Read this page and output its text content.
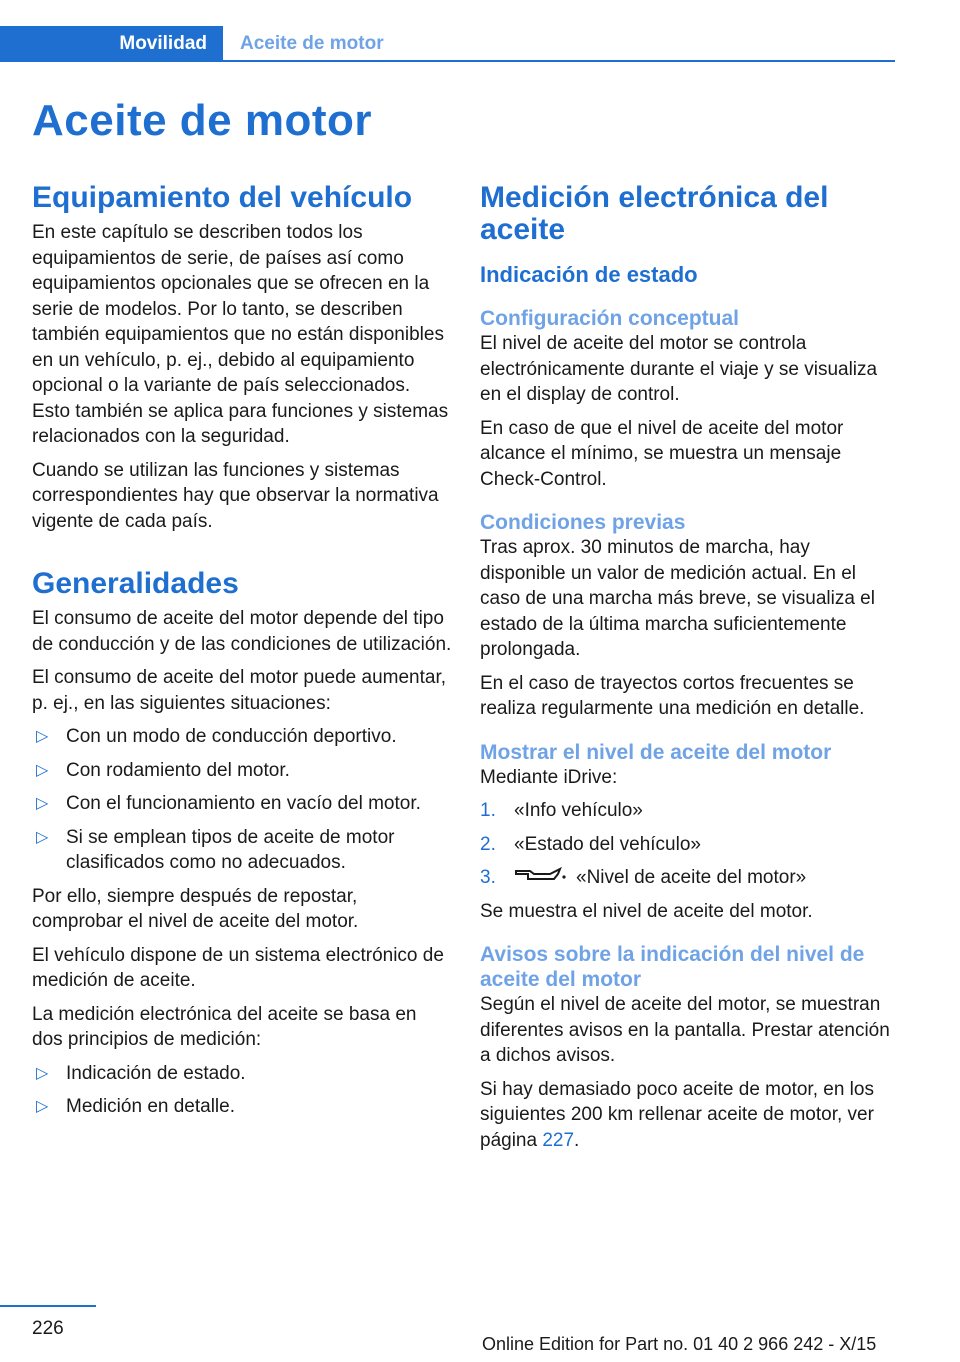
Movilidad	Aceite de motor
Aceite de motor
Equipamiento del vehículo

En este capítulo se describen todos los equipamientos de serie, de países así como equipamientos opcionales que se ofrecen en la serie de modelos. Por lo tanto, se describen también equipamientos que no están disponibles en un vehículo, p. ej., debido al equipamiento opcional o la variante de país seleccionados. Esto también se aplica para funciones y sistemas relacionados con la seguridad.

Cuando se utilizan las funciones y sistemas correspondientes hay que observar la normativa vigente de cada país.

Generalidades

El consumo de aceite del motor depende del tipo de conducción y de las condiciones de utilización.

El consumo de aceite del motor puede aumentar, p. ej., en las siguientes situaciones:

▷ Con un modo de conducción deportivo.
▷ Con rodamiento del motor.
▷ Con el funcionamiento en vacío del motor.
▷ Si se emplean tipos de aceite de motor clasificados como no adecuados.

Por ello, siempre después de repostar, comprobar el nivel de aceite del motor.

El vehículo dispone de un sistema electrónico de medición de aceite.

La medición electrónica del aceite se basa en dos principios de medición:

▷ Indicación de estado.
▷ Medición en detalle.
Medición electrónica del aceite
Indicación de estado
Configuración conceptual

El nivel de aceite del motor se controla electrónicamente durante el viaje y se visualiza en el display de control.

En caso de que el nivel de aceite del motor alcance el mínimo, se muestra un mensaje Check-Control.

Condiciones previas

Tras aprox. 30 minutos de marcha, hay disponible un valor de medición actual. En el caso de una marcha más breve, se visualiza el estado de la última marcha suficientemente prolongada.

En el caso de trayectos cortos frecuentes se realiza regularmente una medición en detalle.

Mostrar el nivel de aceite del motor

Mediante iDrive:

1. «Info vehículo»
2. «Estado del vehículo»
3.	«Nivel de aceite del motor»

Se muestra el nivel de aceite del motor.

Avisos sobre la indicación del nivel de aceite del motor

Según el nivel de aceite del motor, se muestran diferentes avisos en la pantalla. Prestar atención a dichos avisos.

Si hay demasiado poco aceite de motor, en los siguientes 200 km rellenar aceite de motor, ver página 227.

226
Online Edition for Part no. 01 40 2 966 242 - X/15
